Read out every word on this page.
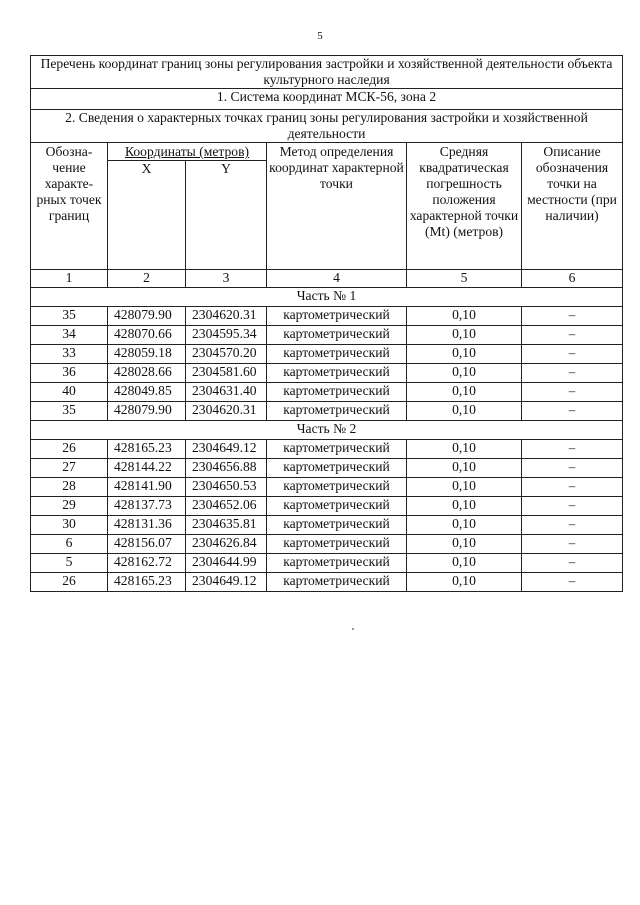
5
Перечень координат границ зоны регулирования застройки и хозяйственной деятельности объекта культурного наследия					
1. Система координат МСК-56, зона 2					
2. Сведения о характерных точках границ зоны регулирования застройки и хозяйственной деятельности					
Обозна- чение характе- рных точек границ	Координаты (метров)		Метод определения координат характерной точки	Средняя квадратическая погрешность положения характерной точки (Mt) (метров)	Описание обозначения точки на местности (при наличии)
	X	Y			
1	2	3	4	5	6
Часть № 1					
35	428079.90	2304620.31	картометрический	0,10	–
34	428070.66	2304595.34	картометрический	0,10	–
33	428059.18	2304570.20	картометрический	0,10	–
36	428028.66	2304581.60	картометрический	0,10	–
40	428049.85	2304631.40	картометрический	0,10	–
35	428079.90	2304620.31	картометрический	0,10	–
Часть № 2					
26	428165.23	2304649.12	картометрический	0,10	–
27	428144.22	2304656.88	картометрический	0,10	–
28	428141.90	2304650.53	картометрический	0,10	–
29	428137.73	2304652.06	картометрический	0,10	–
30	428131.36	2304635.81	картометрический	0,10	–
6	428156.07	2304626.84	картометрический	0,10	–
5	428162.72	2304644.99	картометрический	0,10	–
26	428165.23	2304649.12	картометрический	0,10	–
